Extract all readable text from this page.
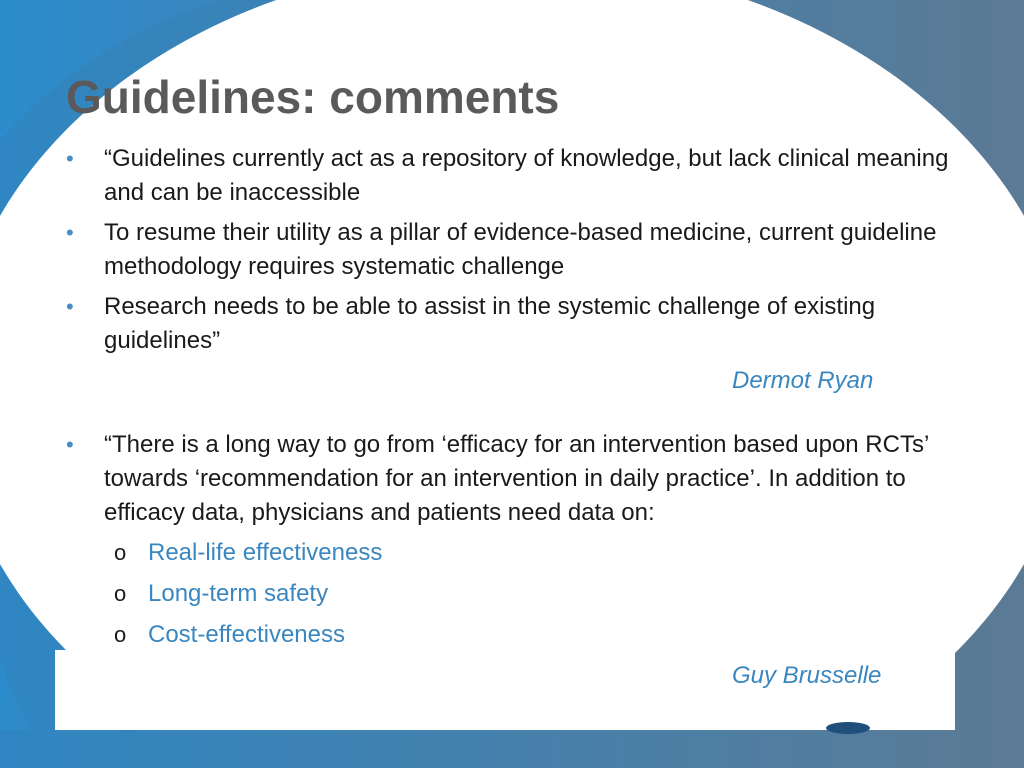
Guidelines: comments
• “Guidelines currently act as a repository of knowledge, but lack clinical meaning and can be inaccessible
• To resume their utility as a pillar of evidence-based medicine, current guideline methodology requires systematic challenge
• Research needs to be able to assist in the systemic challenge of existing guidelines”
Dermot Ryan
• “There is a long way to go from ‘efficacy for an intervention based upon RCTs’ towards ‘recommendation for an intervention in daily practice’. In addition to efficacy data, physicians and patients need data on:
o Real-life effectiveness
o Long-term safety
o Cost-effectiveness
Guy Brusselle
